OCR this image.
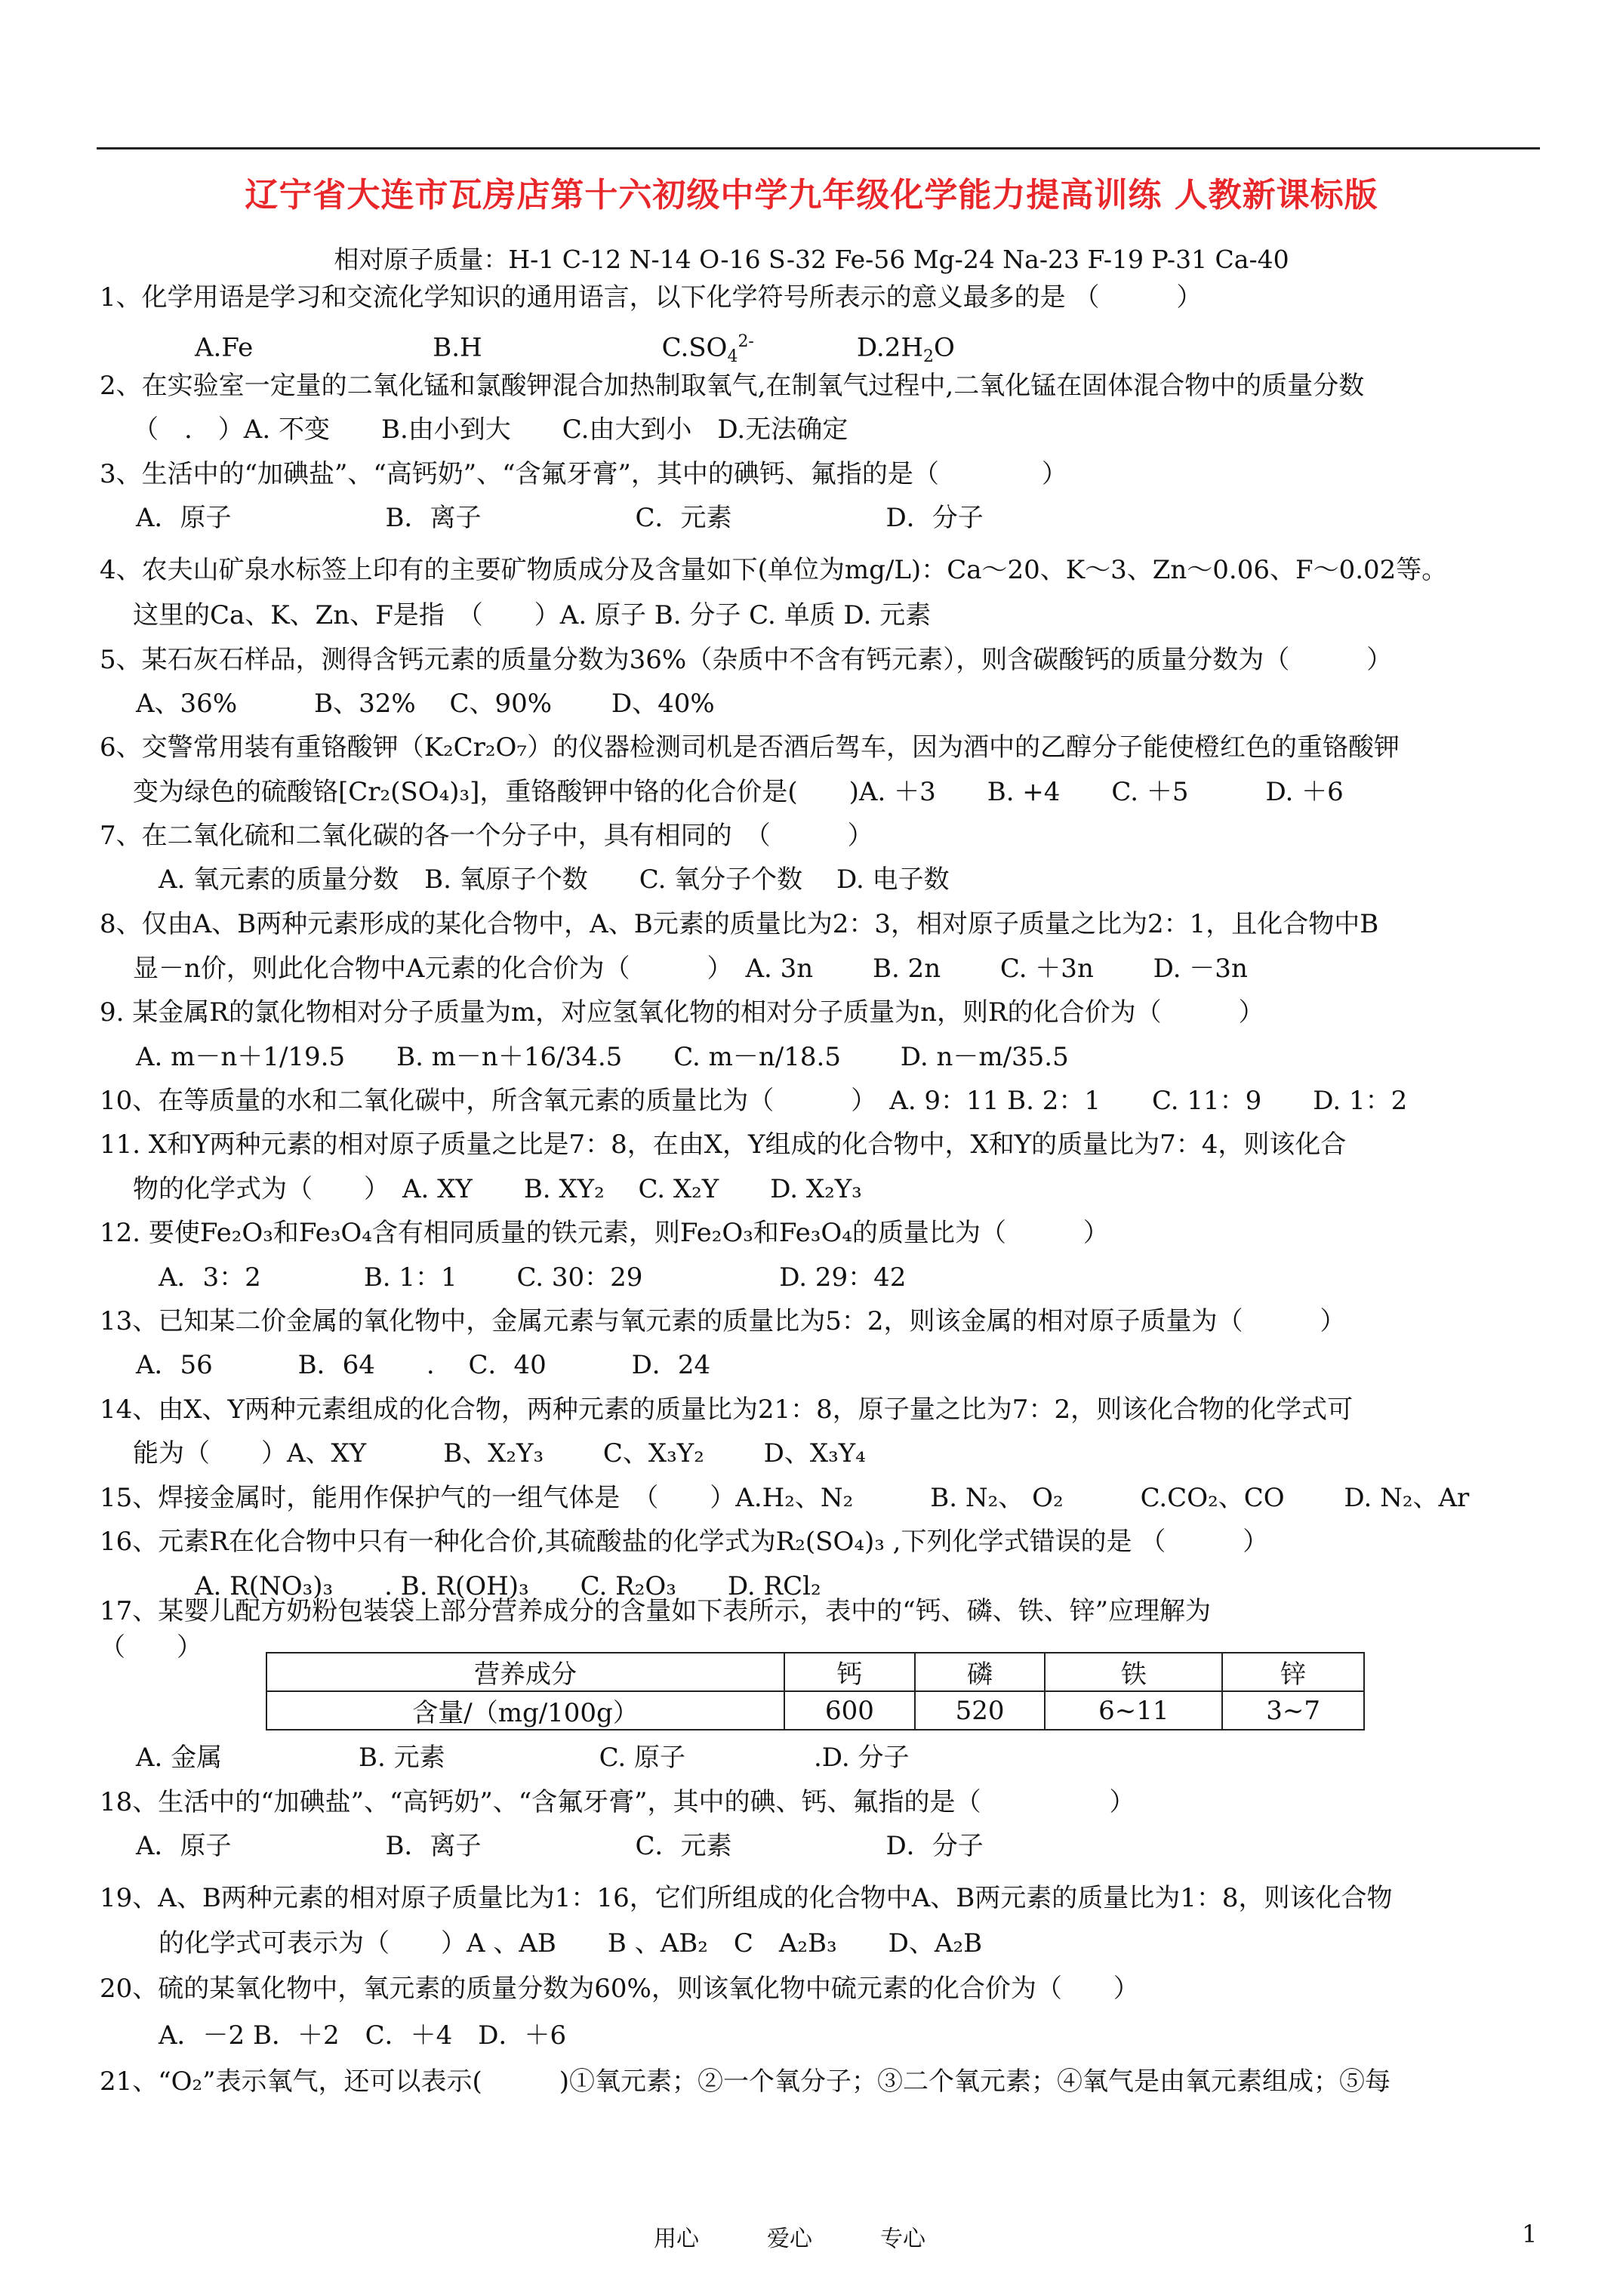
辽宁省大连市瓦房店第十六初级中学九年级化学能力提高训练 人教新课标版
相对原子质量：H-1 C-12 N-14 O-16 S-32 Fe-56 Mg-24 Na-23 F-19 P-31 Ca-40
1、化学用语是学习和交流化学知识的通用语言，以下化学符号所表示的意义最多的是 （　　　）
A.Fe　　　　　　　B.H　　　　　　　$C.SO_4^{2-}$　　　　$D.2H_2O$
2、在实验室一定量的二氧化锰和氯酸钾混合加热制取氧气,在制氧气过程中,二氧化锰在固体混合物中的质量分数
（　.　）A. 不变　　B.由小到大　　C.由大到小　D.无法确定
3、生活中的“加碘盐”、“高钙奶”、“含氟牙膏”，其中的碘钙、氟指的是（　　　　）
A．原子　　　　　　B．离子　　　　　　C．元素　　　　　　D．分子
4、农夫山矿泉水标签上印有的主要矿物质成分及含量如下(单位为mg/L)：Ca～20、K～3、Zn～0.06、F～0.02等。
这里的Ca、K、Zn、F是指　（　　）A. 原子 B. 分子 C. 单质 D. 元素
5、某石灰石样品，测得含钙元素的质量分数为36%（杂质中不含有钙元素），则含碳酸钙的质量分数为（　　　）
A、36%　　　B、32%　 C、90%　　 D、40%
6、交警常用装有重铬酸钾（K₂Cr₂O₇）的仪器检测司机是否酒后驾车，因为酒中的乙醇分子能使橙红色的重铬酸钾
变为绿色的硫酸铬[Cr₂(SO₄)₃]，重铬酸钾中铬的化合价是(　　)A. ＋3　　B. +4　　C. ＋5　　　D. ＋6
7、在二氧化硫和二氧化碳的各一个分子中，具有相同的　（　　　）
A. 氧元素的质量分数　B. 氧原子个数　　C. 氧分子个数　 D. 电子数
8、仅由A、B两种元素形成的某化合物中，A、B元素的质量比为2：3，相对原子质量之比为2：1，且化合物中B
显－n价，则此化合物中A元素的化合价为（　　　）　A. 3n　　 B. 2n　　 C. ＋3n　　 D. －3n
9. 某金属R的氯化物相对分子质量为m，对应氢氧化物的相对分子质量为n，则R的化合价为（　　　）
A. m－n＋1/19.5　　B. m－n＋16/34.5　　C. m－n/18.5　　 D. n－m/35.5
10、在等质量的水和二氧化碳中，所含氧元素的质量比为（　　　）　A. 9：11 B. 2：1　　C. 11：9　　D. 1：2
11. X和Y两种元素的相对原子质量之比是7：8，在由X，Y组成的化合物中，X和Y的质量比为7：4，则该化合
物的化学式为（　　）　A. XY　　B. XY₂　 C. X₂Y　　D. X₂Y₃
12. 要使Fe₂O₃和Fe₃O₄含有相同质量的铁元素，则Fe₂O₃和Fe₃O₄的质量比为（　　　）
A．3：2　　　　B. 1：1　　 C. 30：29　　　　　 D. 29：42
13、已知某二价金属的氧化物中，金属元素与氧元素的质量比为5：2，则该金属的相对原子质量为（　　　）
A．56　　　 B．64　　.　 C．40　　　 D．24
14、由X、Y两种元素组成的化合物，两种元素的质量比为21：8，原子量之比为7：2，则该化合物的化学式可
能为（　　）A、XY　　　B、X₂Y₃　　 C、X₃Y₂　　 D、X₃Y₄
15、焊接金属时，能用作保护气的一组气体是　（　　）A.H₂、N₂　　　B. N₂、 O₂　　　C.CO₂、CO　　 D. N₂、Ar
16、元素R在化合物中只有一种化合价,其硫酸盐的化学式为R₂(SO₄)₃ ,下列化学式错误的是 （　　　）
A. R(NO₃)₃　　. B. R(OH)₃　　C. R₂O₃　　D. RCl₂
17、某婴儿配方奶粉包装袋上部分营养成分的含量如下表所示，表中的“钙、磷、铁、锌”应理解为
（　　）
营养成分	钙	磷	铁	锌
含量/（mg/100g）	600	520	6~11	3~7
A. 金属　　　　　 B. 元素　　　　　　C. 原子　　　　　.D. 分子
18、生活中的“加碘盐”、“高钙奶”、“含氟牙膏”，其中的碘、钙、氟指的是（　　　　　）
A．原子　　　　　　B．离子　　　　　　C．元素　　　　　　D．分子
19、A、B两种元素的相对原子质量比为1：16，它们所组成的化合物中A、B两元素的质量比为1：8，则该化合物
的化学式可表示为（　　）A 、AB　　B 、AB₂　C　A₂B₃　　D、A₂B
20、硫的某氧化物中，氧元素的质量分数为60%，则该氧化物中硫元素的化合价为（　　）
A．－2 B．＋2　C．＋4　D．＋6
21、“O₂”表示氧气，还可以表示(　　　)①氧元素；②一个氧分子；③二个氧元素；④氧气是由氧元素组成；⑤每
用心　　　爱心　　　专心	1
